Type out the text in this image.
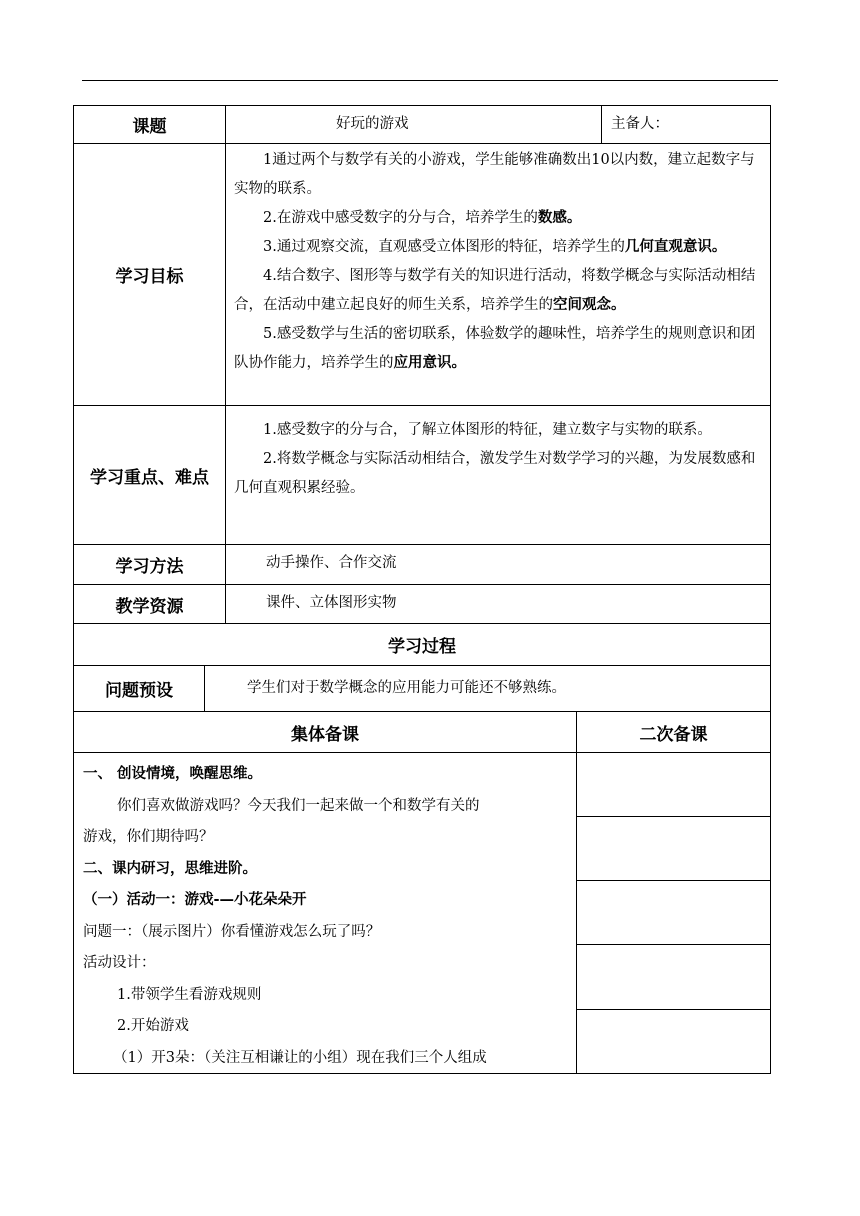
课题	好玩的游戏	主备人：
学习目标

1通过两个与数学有关的小游戏，学生能够准确数出10以内数，建立起数字与实物的联系。

2.在游戏中感受数字的分与合，培养学生的数感。

3.通过观察交流，直观感受立体图形的特征，培养学生的几何直观意识。

4.结合数字、图形等与数学有关的知识进行活动，将数学概念与实际活动相结合，在活动中建立起良好的师生关系，培养学生的空间观念。

5.感受数学与生活的密切联系，体验数学的趣味性，培养学生的规则意识和团队协作能力，培养学生的应用意识。

学习重点、难点

1.感受数字的分与合，了解立体图形的特征，建立数字与实物的联系。

2.将数学概念与实际活动相结合，激发学生对数学学习的兴趣，为发展数感和几何直观积累经验。

学习方法	动手操作、合作交流
教学资源	课件、立体图形实物
学习过程
问题预设	学生们对于数学概念的应用能力可能还不够熟练。
集体备课	二次备课
一、 创设情境，唤醒思维。
你们喜欢做游戏吗？今天我们一起来做一个和数学有关的
游戏，你们期待吗？
二、课内研习，思维进阶。
（一）活动一：游戏-—小花朵朵开
问题一：（展示图片）你看懂游戏怎么玩了吗？
活动设计：
1.带领学生看游戏规则
2.开始游戏
（1）开3朵：（关注互相谦让的小组）现在我们三个人组成
